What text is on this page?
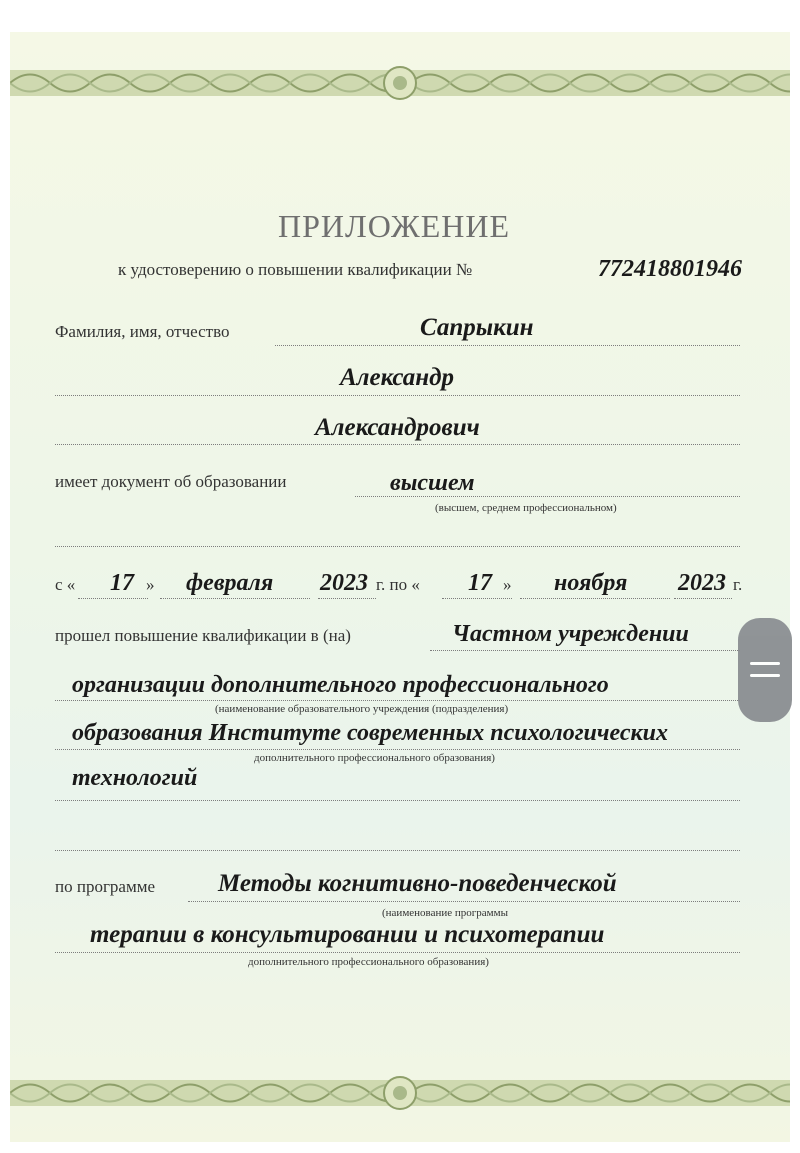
ПРИЛОЖЕНИЕ
к удостоверению о повышении квалификации №	772418801946
Фамилия, имя, отчество	Сапрыкин
Александр
Александрович
имеет документ об образовании	высшем
(высшем, среднем профессиональном)
с « 17 » февраля 2023 г. по « 17 » ноября 2023 г.
прошел повышение квалификации в (на)	Частном учреждении
организации дополнительного профессионального
(наименование образовательного учреждения (подразделения)
образования Институте современных психологических
дополнительного профессионального образования)
технологий
по программе	Методы когнитивно-поведенческой
(наименование программы
терапии в консультировании и психотерапии
дополнительного профессионального образования)
